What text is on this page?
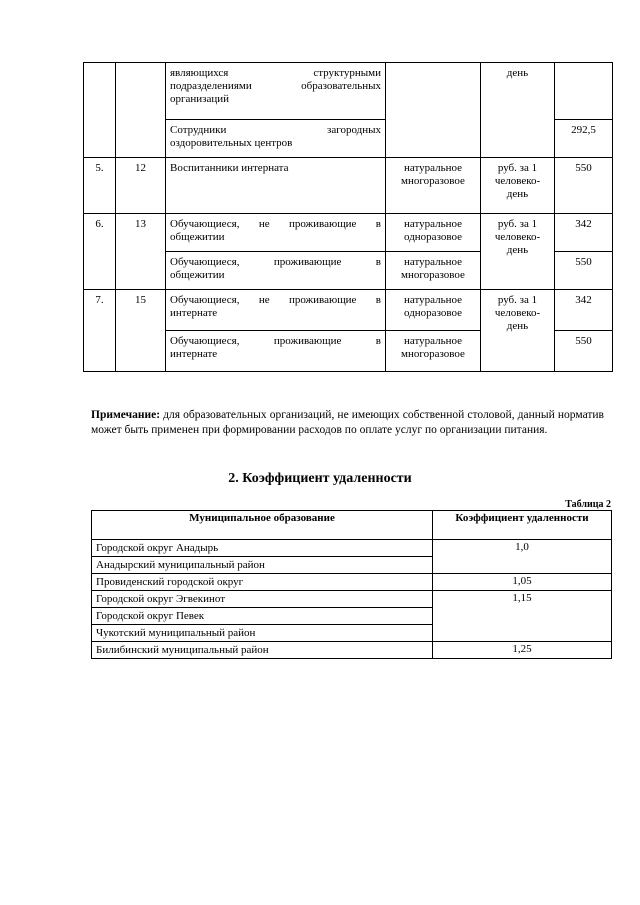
		являющихся структурными подразделениями образовательных
организаций		день	
		Сотрудники загородных
оздоровительных центров			292,5
5.	12	Воспитанники интерната	натуральное многоразовое	руб. за 1 человеко-день	550
6.	13	Обучающиеся, не проживающие в
общежитии	натуральное одноразовое	руб. за 1 человеко-день	342
		Обучающиеся, проживающие в
общежитии	натуральное многоразовое		550
7.	15	Обучающиеся, не проживающие в
интернате	натуральное одноразовое	руб. за 1 человеко-день	342
		Обучающиеся, проживающие в
интернате	натуральное многоразовое		550
Примечание: для образовательных организаций, не имеющих собственной столовой, данный норматив может быть применен при формировании расходов по оплате услуг по организации питания.
2. Коэффициент удаленности
Таблица 2
Муниципальное образование	Коэффициент удаленности
Городской округ Анадырь	1,0
Анадырский муниципальный район	
Провиденский городской округ	1,05
Городской округ Эгвекинот	1,15
Городской округ Певек	
Чукотский муниципальный район	
Билибинский муниципальный район	1,25
